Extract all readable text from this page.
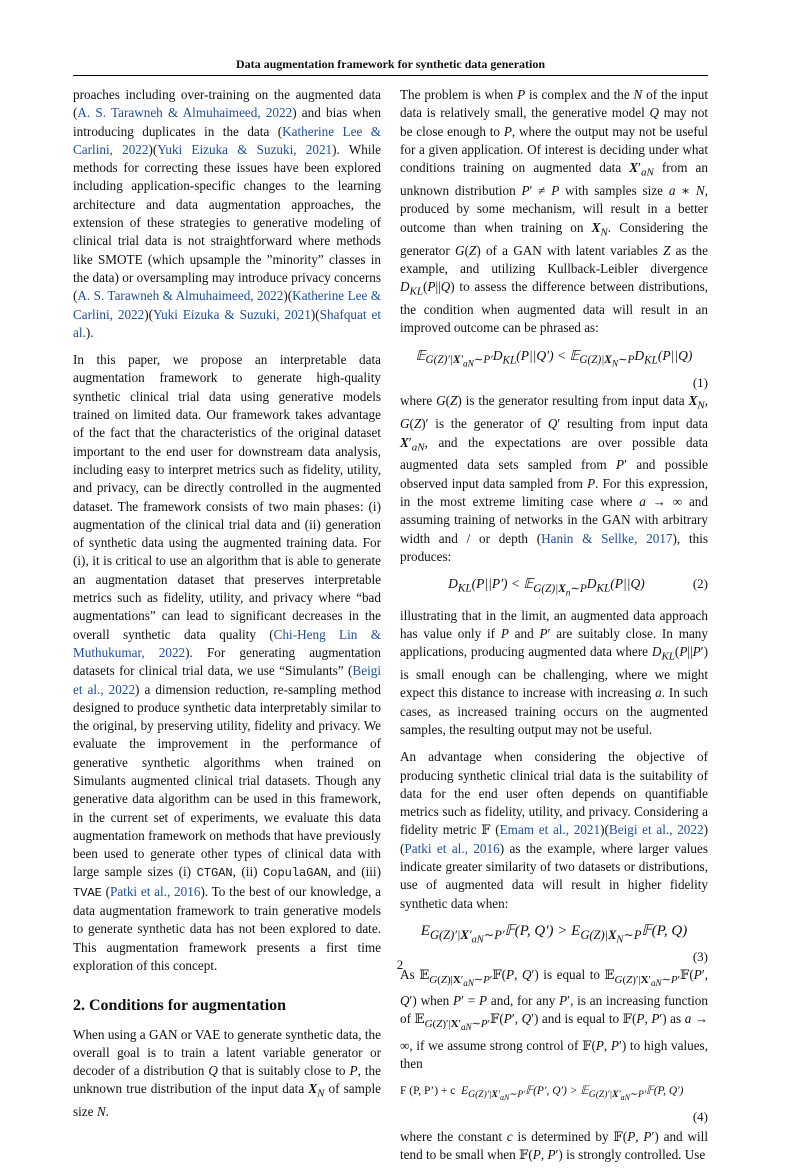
Data augmentation framework for synthetic data generation

proaches including over-training on the augmented data (A. S. Tarawneh & Almuhaimeed, 2022) and bias when introducing duplicates in the data (Katherine Lee & Carlini, 2022)(Yuki Eizuka & Suzuki, 2021). While methods for correcting these issues have been explored including application-specific changes to the learning architecture and data augmentation approaches, the extension of these strategies to generative modeling of clinical trial data is not straightforward where methods like SMOTE (which upsample the ”minority” classes in the data) or oversampling may introduce privacy concerns (A. S. Tarawneh & Almuhaimeed, 2022)(Katherine Lee & Carlini, 2022)(Yuki Eizuka & Suzuki, 2021)(Shafquat et al.).

In this paper, we propose an interpretable data augmentation framework to generate high-quality synthetic clinical trial data using generative models trained on limited data. Our framework takes advantage of the fact that the characteristics of the original dataset important to the end user for downstream data analysis, including easy to interpret metrics such as fidelity, utility, and privacy, can be directly controlled in the augmented dataset. The framework consists of two main phases: (i) augmentation of the clinical trial data and (ii) generation of synthetic data using the augmented training data. For (i), it is critical to use an algorithm that is able to generate an augmentation dataset that preserves interpretable metrics such as fidelity, utility, and privacy where “bad augmentations” can lead to significant decreases in the overall synthetic data quality (Chi-Heng Lin & Muthukumar, 2022). For generating augmentation datasets for clinical trial data, we use “Simulants” (Beigi et al., 2022) a dimension reduction, re-sampling method designed to produce synthetic data interpretably similar to the original, by preserving utility, fidelity and privacy. We evaluate the improvement in the performance of generative synthetic algorithms when trained on Simulants augmented clinical trial datasets. Though any generative data algorithm can be used in this framework, in the current set of experiments, we evaluate this data augmentation framework on methods that have previously been used to generate other types of clinical data with large sample sizes (i) CTGAN, (ii) CopulaGAN, and (iii) TVAE (Patki et al., 2016). To the best of our knowledge, a data augmentation framework to train generative models to generate synthetic data has not been explored to date. This augmentation framework presents a first time exploration of this concept.

2. Conditions for augmentation

When using a GAN or VAE to generate synthetic data, the overall goal is to train a latent variable generator or decoder of a distribution Q that is suitably close to P, the unknown true distribution of the input data $X_N$ of sample size N.

The problem is when P is complex and the N of the input data is relatively small, the generative model Q may not be close enough to P, where the output may not be useful for a given application. Of interest is deciding under what conditions training on augmented data $X'_{aN}$ from an unknown distribution P′ ≠ P with samples size a ∗ N, produced by some mechanism, will result in a better outcome than when training on $X_N$. Considering the generator G(Z) of a GAN with latent variables Z as the example, and utilizing Kullback-Leibler divergence $D_{KL}(P||Q)$ to assess the difference between distributions, the condition when augmented data will result in an improved outcome can be phrased as:

$𝔼_{G(Z)'|X'_{aN}\sim P'}D_{KL}(P||Q')$ < $𝔼_{G(Z)|X_N\sim P}D_{KL}(P||Q)$
(1)

where G(Z) is the generator resulting from input data $X_N$, G(Z)′ is the generator of Q′ resulting from input data $X'_{aN}$, and the expectations are over possible data augmented data sets sampled from P′ and possible observed input data sampled from P. For this expression, in the most extreme limiting case where a → ∞ and assuming training of networks in the GAN with arbitrary width and / or depth (Hanin & Sellke, 2017), this produces:

$D_{KL}(P||P')$ < $𝔼_{G(Z)|X_n\sim P}D_{KL}(P||Q)$	(2)

illustrating that in the limit, an augmented data approach has value only if P and P′ are suitably close. In many applications, producing augmented data where $D_{KL}(P||P')$ is small enough can be challenging, where we might expect this distance to increase with increasing a. In such cases, as increased training occurs on the augmented samples, the resulting output may not be useful.

An advantage when considering the objective of producing synthetic clinical trial data is the suitability of data for the end user often depends on quantifiable metrics such as fidelity, utility, and privacy. Considering a fidelity metric 𝔽 (Emam et al., 2021)(Beigi et al., 2022)(Patki et al., 2016) as the example, where larger values indicate greater similarity of two datasets or distributions, use of augmented data will result in higher fidelity synthetic data when:

$E_{G(Z)'|X'_{aN}\sim P'}𝔽(P$, $Q') > E_{G(Z)|X_N\sim P}𝔽(P$, Q)
(3)

As 𝔼$_{G(Z)|X'_{aN}\sim P'}$𝔽(P, Q′) is equal to 𝔼$_{G(Z)'|X'_{aN}\sim P'}$𝔽(P′, Q′) when P′ = P and, for any P′, is an increasing function of 𝔼$_{G(Z)'|X'_{aN}\sim P'}$𝔽(P′, Q′) and is equal to 𝔽(P, P′) as a → ∞, if we assume strong control of 𝔽(P, P′) to high values, then

F (P, P’) + c  $E_{G(Z)'|X'_{aN}\sim P'}𝔽(P'$, Q′) > 𝔼$_{G(Z)'|X'_{aN}\sim P'}$𝔽(P, Q′)
(4)

where the constant c is determined by 𝔽(P, P′) and will tend to be small when 𝔽(P, P′) is strongly controlled. Use

2
